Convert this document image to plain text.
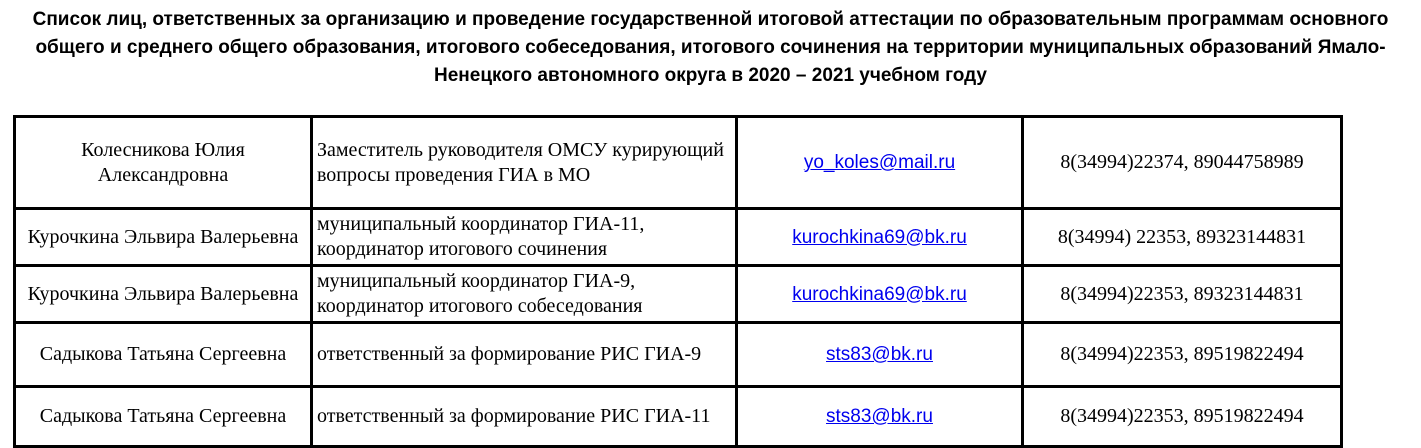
Список лиц, ответственных за организацию и проведение государственной итоговой аттестации по образовательным программам основного
общего и среднего общего образования, итогового собеседования, итогового сочинения на территории муниципальных образований Ямало-
Ненецкого автономного округа в 2020 – 2021 учебном году
Колесникова Юлия Александровна	Заместитель руководителя ОМСУ курирующий вопросы проведения ГИА в МО	yo_koles@mail.ru	8(34994)22374, 89044758989
Курочкина Эльвира Валерьевна	муниципальный координатор ГИА-11, координатор итогового сочинения	kurochkina69@bk.ru	8(34994) 22353, 89323144831
Курочкина Эльвира Валерьевна	муниципальный координатор ГИА-9, координатор итогового собеседования	kurochkina69@bk.ru	8(34994)22353, 89323144831
Садыкова Татьяна Сергеевна	ответственный за формирование РИС ГИА-9	sts83@bk.ru	8(34994)22353, 89519822494
Садыкова Татьяна Сергеевна	ответственный за формирование РИС ГИА-11	sts83@bk.ru	8(34994)22353, 89519822494
